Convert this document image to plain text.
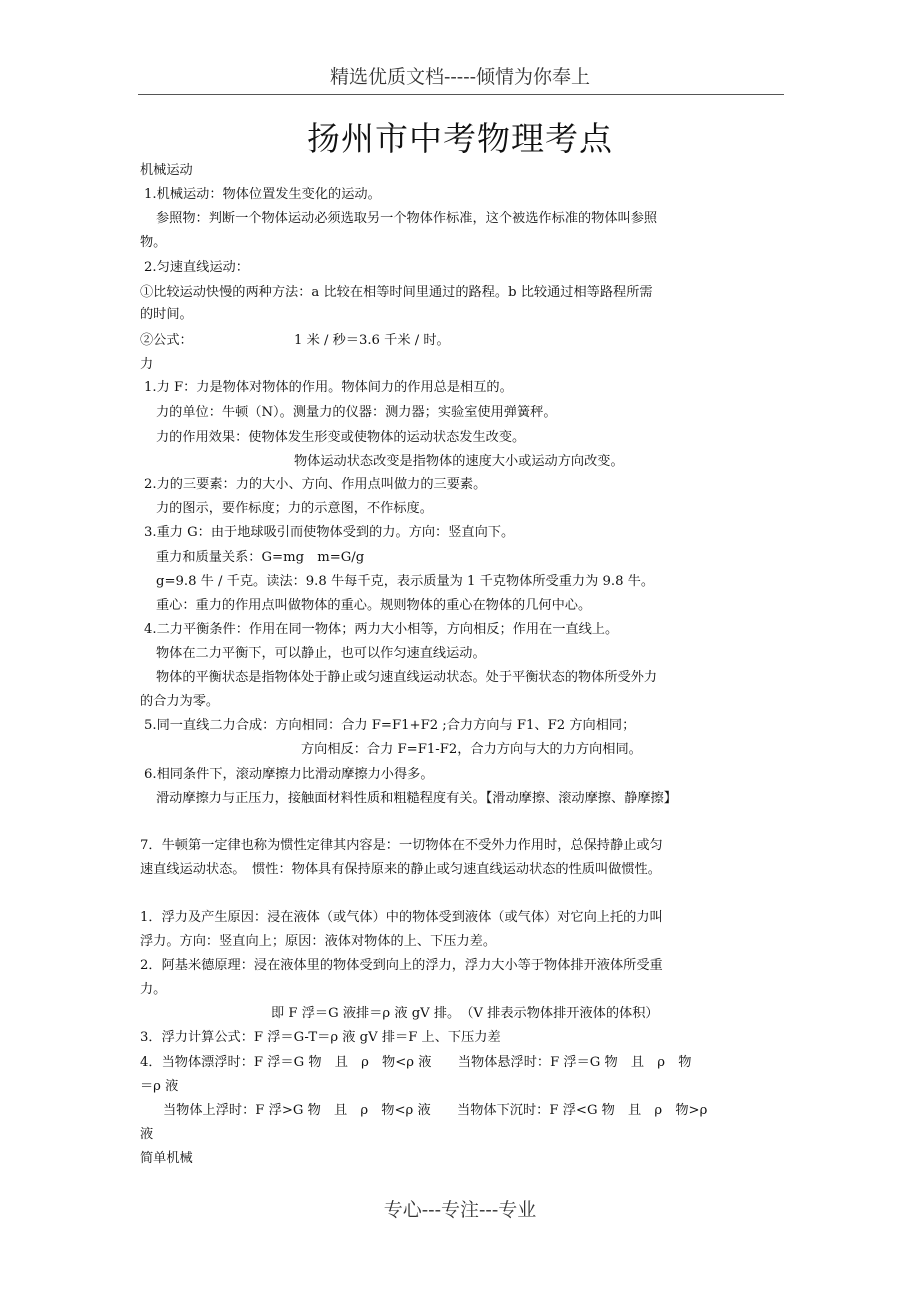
精选优质文档-----倾情为你奉上
扬州市中考物理考点
机械运动
1.机械运动：物体位置发生变化的运动。
参照物：判断一个物体运动必须选取另一个物体作标准，这个被选作标准的物体叫参照
物。
2.匀速直线运动：
①比较运动快慢的两种方法：a 比较在相等时间里通过的路程。b 比较通过相等路程所需
的时间。
②公式：	1 米 / 秒＝3.6 千米 / 时。
力
1.力 F：力是物体对物体的作用。物体间力的作用总是相互的。
力的单位：牛顿（N）。测量力的仪器：测力器；实验室使用弹簧秤。
力的作用效果：使物体发生形变或使物体的运动状态发生改变。
物体运动状态改变是指物体的速度大小或运动方向改变。
2.力的三要素：力的大小、方向、作用点叫做力的三要素。
力的图示，要作标度；力的示意图，不作标度。
3.重力 G：由于地球吸引而使物体受到的力。方向：竖直向下。
重力和质量关系：G=mg　m=G/g
g=9.8 牛 / 千克。读法：9.8 牛每千克，表示质量为 1 千克物体所受重力为 9.8 牛。
重心：重力的作用点叫做物体的重心。规则物体的重心在物体的几何中心。
4.二力平衡条件：作用在同一物体；两力大小相等，方向相反；作用在一直线上。
物体在二力平衡下，可以静止，也可以作匀速直线运动。
物体的平衡状态是指物体处于静止或匀速直线运动状态。处于平衡状态的物体所受外力
的合力为零。
5.同一直线二力合成：方向相同：合力 F=F1+F2 ;合力方向与 F1、F2 方向相同；
方向相反：合力 F=F1-F2，合力方向与大的力方向相同。
6.相同条件下，滚动摩擦力比滑动摩擦力小得多。
滑动摩擦力与正压力，接触面材料性质和粗糙程度有关。【滑动摩擦、滚动摩擦、静摩擦】
7．牛顿第一定律也称为惯性定律其内容是：一切物体在不受外力作用时，总保持静止或匀
速直线运动状态。　惯性：物体具有保持原来的静止或匀速直线运动状态的性质叫做惯性。
1．浮力及产生原因：浸在液体（或气体）中的物体受到液体（或气体）对它向上托的力叫
浮力。方向：竖直向上；原因：液体对物体的上、下压力差。
2．阿基米德原理：浸在液体里的物体受到向上的浮力，浮力大小等于物体排开液体所受重
力。
即 F 浮＝G 液排＝ρ 液 gV 排。　（V 排表示物体排开液体的体积）
3．浮力计算公式：F 浮＝G-T＝ρ 液 gV 排＝F 上、下压力差
4．当物体漂浮时：F 浮＝G 物　且　ρ　物<ρ 液　　当物体悬浮时：F 浮＝G 物　且　ρ　物
＝ρ 液
当物体上浮时：F 浮>G 物　且　ρ　物<ρ 液　　当物体下沉时：F 浮<G 物　且　ρ　物>ρ
液
简单机械
专心---专注---专业
